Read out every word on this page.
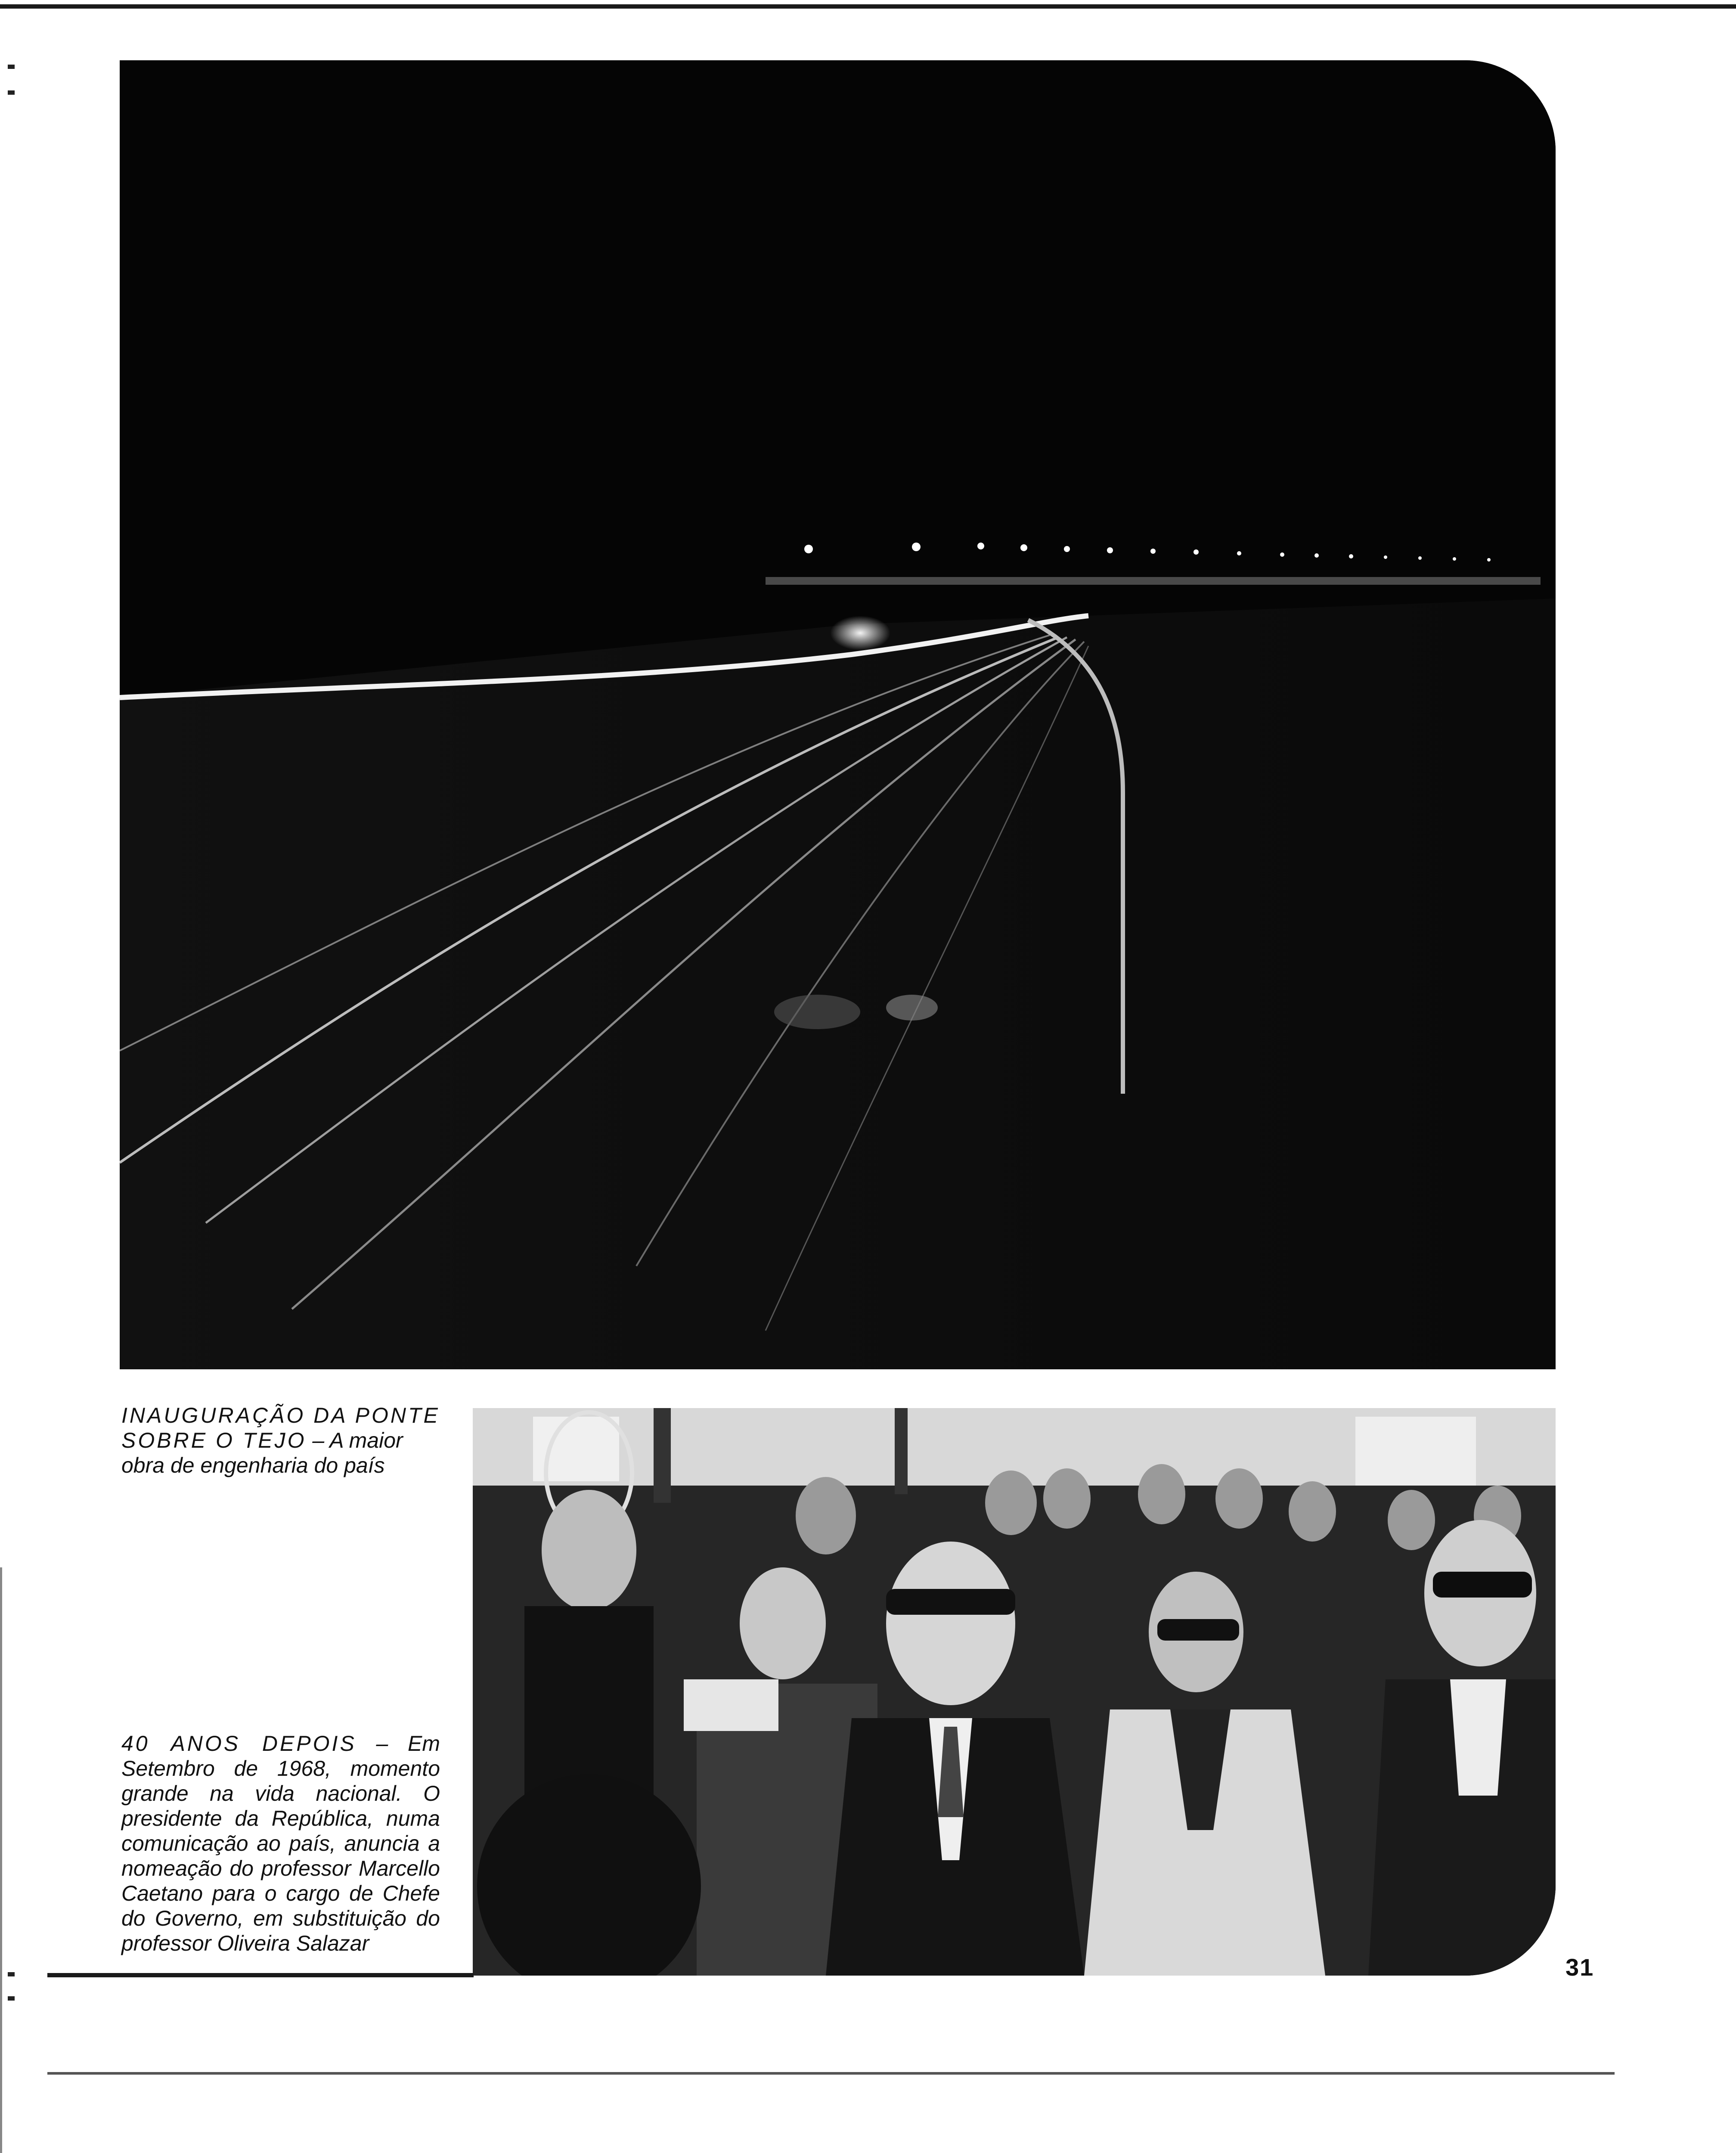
INAUGURAÇÃO DA PONTE SOBRE O TEJO – A maior obra de engenharia do país
40 ANOS DEPOIS – Em Setembro de 1968, momento grande na vida nacional. O presidente da República, numa comunicação ao país, anuncia a nomeação do professor Marcello Caetano para o cargo de Chefe do Governo, em substituição do professor Oliveira Salazar
31
